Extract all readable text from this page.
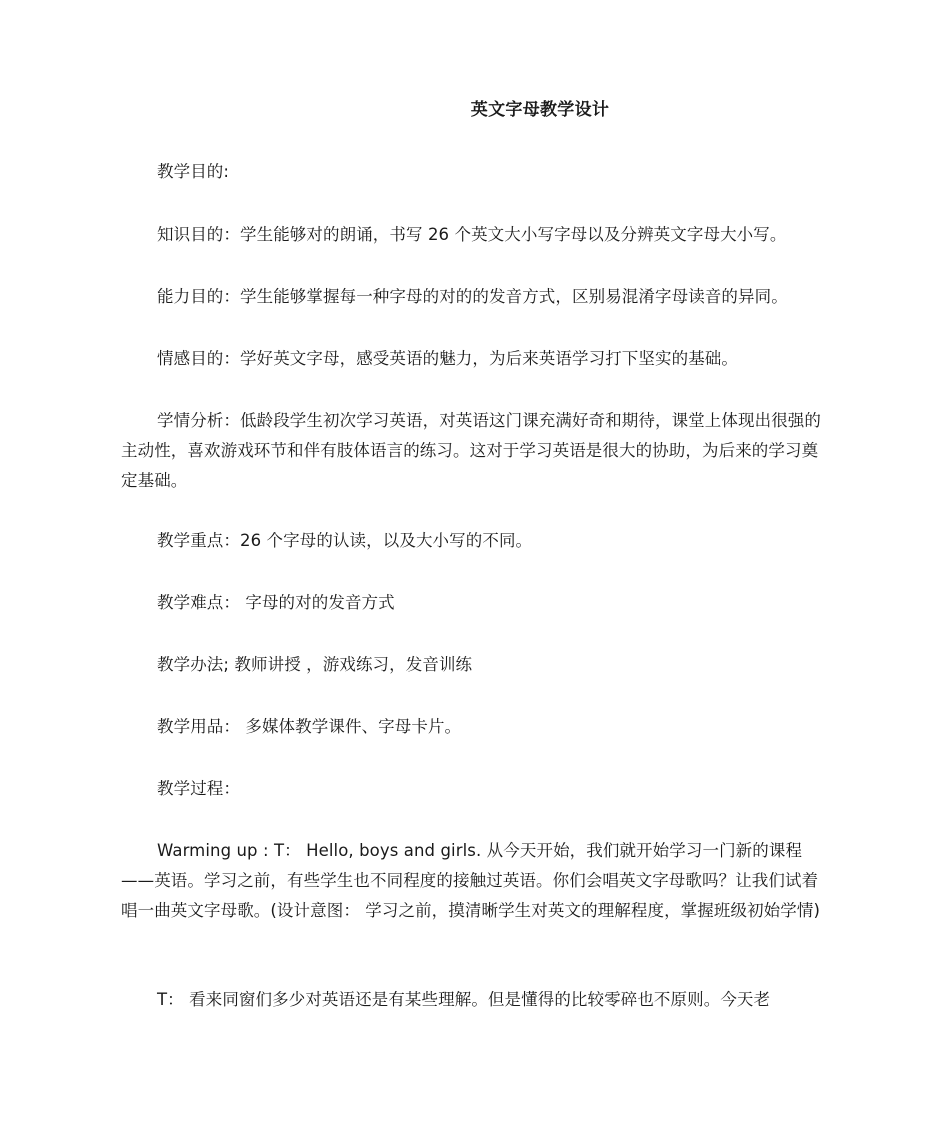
英文字母教学设计
教学目的:
知识目的：学生能够对的朗诵，书写 26 个英文大小写字母以及分辨英文字母大小写。
能力目的：学生能够掌握每一种字母的对的的发音方式，区别易混淆字母读音的异同。
情感目的：学好英文字母，感受英语的魅力，为后来英语学习打下坚实的基础。
学情分析：低龄段学生初次学习英语，对英语这门课充满好奇和期待，课堂上体现出很强的主动性，喜欢游戏环节和伴有肢体语言的练习。这对于学习英语是很大的协助，为后来的学习奠定基础。
教学重点：26 个字母的认读，以及大小写的不同。
教学难点： 字母的对的发音方式
教学办法; 教师讲授 ，游戏练习，发音训练
教学用品： 多媒体教学课件、字母卡片。
教学过程：
Warming up : T： Hello, boys and girls. 从今天开始，我们就开始学习一门新的课程——英语。学习之前，有些学生也不同程度的接触过英语。你们会唱英文字母歌吗？让我们试着唱一曲英文字母歌。(设计意图： 学习之前，摸清晰学生对英文的理解程度，掌握班级初始学情)
T： 看来同窗们多少对英语还是有某些理解。但是懂得的比较零碎也不原则。今天老
